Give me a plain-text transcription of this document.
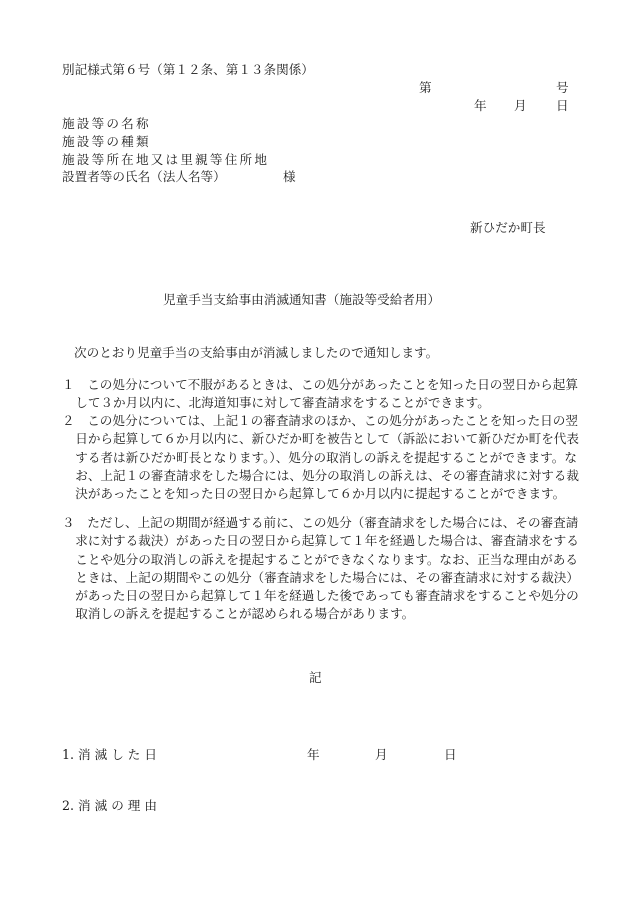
別記様式第６号（第１２条、第１３条関係）
第	号
年 月 日
施設等の名称
施設等の種類
施設等所在地又は里親等住所地
設置者等の氏名（法人名等）	様
新ひだか町長
児童手当支給事由消滅通知書（施設等受給者用）
次のとおり児童手当の支給事由が消滅しましたので通知します。
１　この処分について不服があるときは、この処分があったことを知った日の翌日から起算して３か月以内に、北海道知事に対して審査請求をすることができます。
２　この処分については、上記１の審査請求のほか、この処分があったことを知った日の翌日から起算して６か月以内に、新ひだか町を被告として（訴訟において新ひだか町を代表する者は新ひだか町長となります。）、処分の取消しの訴えを提起することができます。なお、上記１の審査請求をした場合には、処分の取消しの訴えは、その審査請求に対する裁決があったことを知った日の翌日から起算して６か月以内に提起することができます。
３　ただし、上記の期間が経過する前に、この処分（審査請求をした場合には、その審査請求に対する裁決）があった日の翌日から起算して１年を経過した場合は、審査請求をすることや処分の取消しの訴えを提起することができなくなります。なお、正当な理由があるときは、上記の期間やこの処分（審査請求をした場合には、その審査請求に対する裁決）があった日の翌日から起算して１年を経過した後であっても審査請求をすることや処分の取消しの訴えを提起することが認められる場合があります。
記
1. 消 滅 し た 日	年	月	日
2. 消 滅 の 理 由
